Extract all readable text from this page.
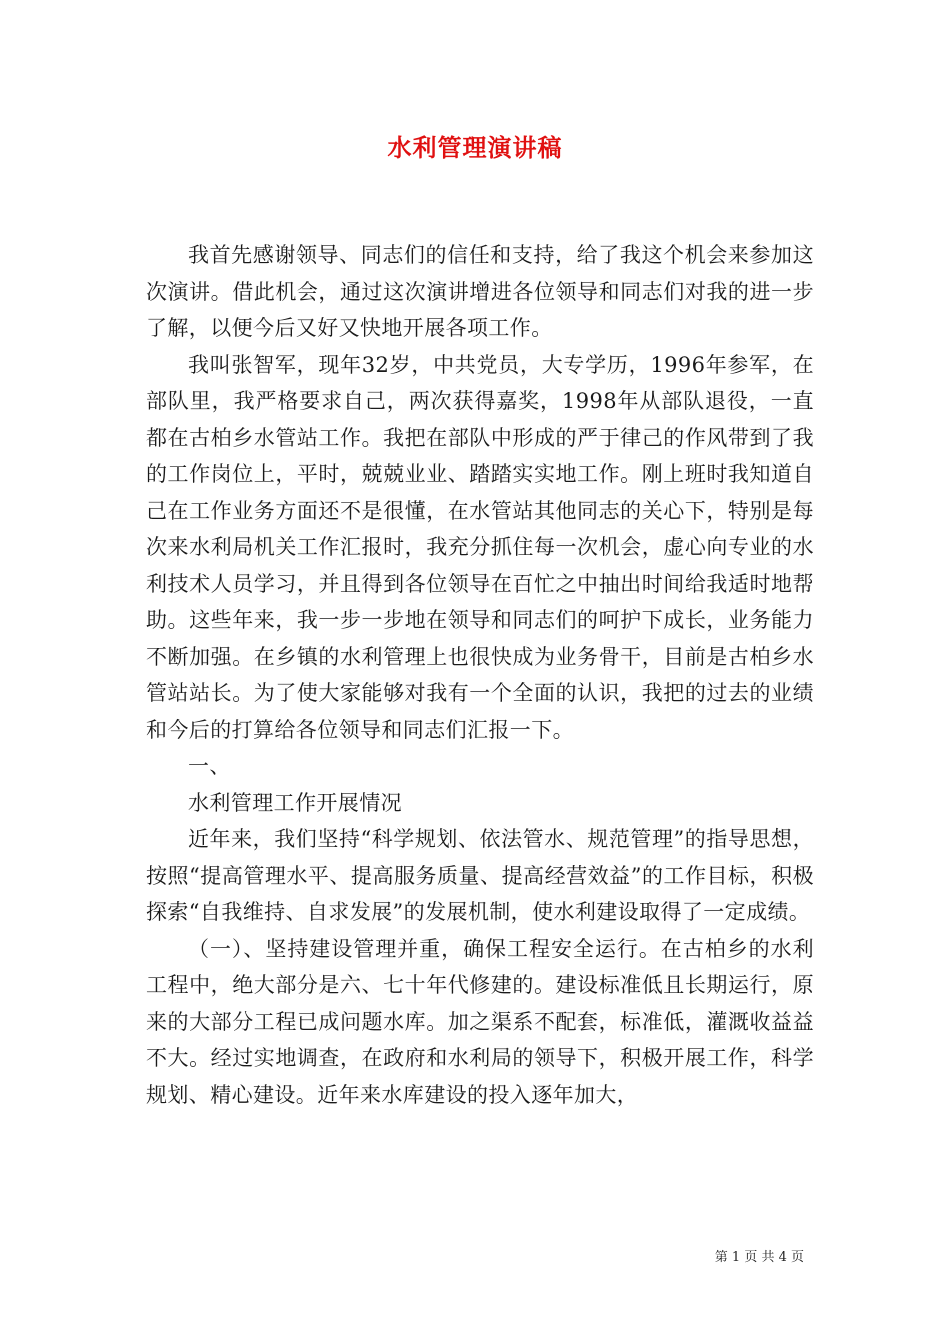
水利管理演讲稿

我首先感谢领导、同志们的信任和支持，给了我这个机会来参加这次演讲。借此机会，通过这次演讲增进各位领导和同志们对我的进一步了解，以便今后又好又快地开展各项工作。

我叫张智军，现年32岁，中共党员，大专学历，1996年参军，在部队里，我严格要求自己，两次获得嘉奖，1998年从部队退役，一直都在古柏乡水管站工作。我把在部队中形成的严于律己的作风带到了我的工作岗位上，平时，兢兢业业、踏踏实实地工作。刚上班时我知道自己在工作业务方面还不是很懂，在水管站其他同志的关心下，特别是每次来水利局机关工作汇报时，我充分抓住每一次机会，虚心向专业的水利技术人员学习，并且得到各位领导在百忙之中抽出时间给我适时地帮助。这些年来，我一步一步地在领导和同志们的呵护下成长，业务能力不断加强。在乡镇的水利管理上也很快成为业务骨干，目前是古柏乡水管站站长。为了使大家能够对我有一个全面的认识，我把的过去的业绩和今后的打算给各位领导和同志们汇报一下。

一、

水利管理工作开展情况

近年来，我们坚持“科学规划、依法管水、规范管理”的指导思想，按照“提高管理水平、提高服务质量、提高经营效益”的工作目标，积极探索“自我维持、自求发展”的发展机制，使水利建设取得了一定成绩。

（一）、坚持建设管理并重，确保工程安全运行。在古柏乡的水利工程中，绝大部分是六、七十年代修建的。建设标准低且长期运行，原来的大部分工程已成问题水库。加之渠系不配套，标准低，灌溉收益益不大。经过实地调查，在政府和水利局的领导下，积极开展工作，科学规划、精心建设。近年来水库建设的投入逐年加大，

第 1 页 共 4 页
